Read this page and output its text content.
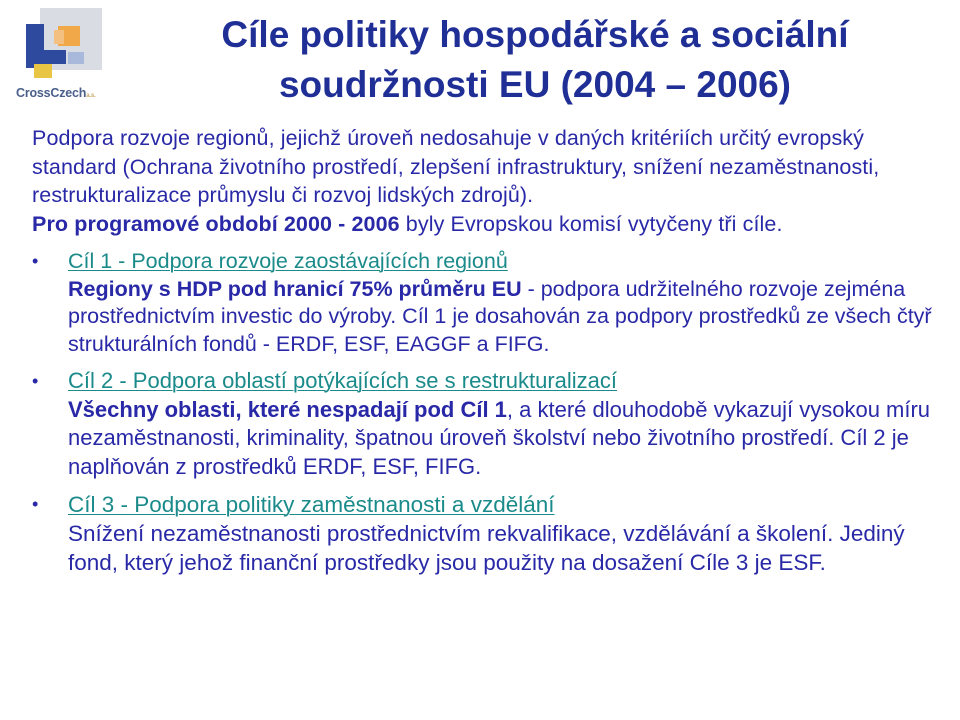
CrossCzecha.s.
Cíle politiky hospodářské a sociální
soudržnosti EU (2004 – 2006)

Podpora rozvoje regionů, jejichž úroveň nedosahuje v daných kritériích určitý evropský standard (Ochrana životního prostředí, zlepšení infrastruktury, snížení nezaměstnanosti, restrukturalizace průmyslu či rozvoj lidských zdrojů).
Pro programové období 2000 - 2006 byly Evropskou komisí vytyčeny tři cíle.

• Cíl 1 - Podpora rozvoje zaostávajících regionů
Regiony s HDP pod hranicí 75% průměru EU - podpora udržitelného rozvoje zejména prostřednictvím investic do výroby. Cíl 1 je dosahován za podpory prostředků ze všech čtyř strukturálních fondů - ERDF, ESF, EAGGF a FIFG.
• Cíl 2 - Podpora oblastí potýkajících se s restrukturalizací
Všechny oblasti, které nespadají pod Cíl 1, a které dlouhodobě vykazují vysokou míru nezaměstnanosti, kriminality, špatnou úroveň školství nebo životního prostředí. Cíl 2 je naplňován z prostředků ERDF, ESF, FIFG.
• Cíl 3 - Podpora politiky zaměstnanosti a vzdělání
Snížení nezaměstnanosti prostřednictvím rekvalifikace, vzdělávání a školení. Jediný fond, který jehož finanční prostředky jsou použity na dosažení Cíle 3 je ESF.
